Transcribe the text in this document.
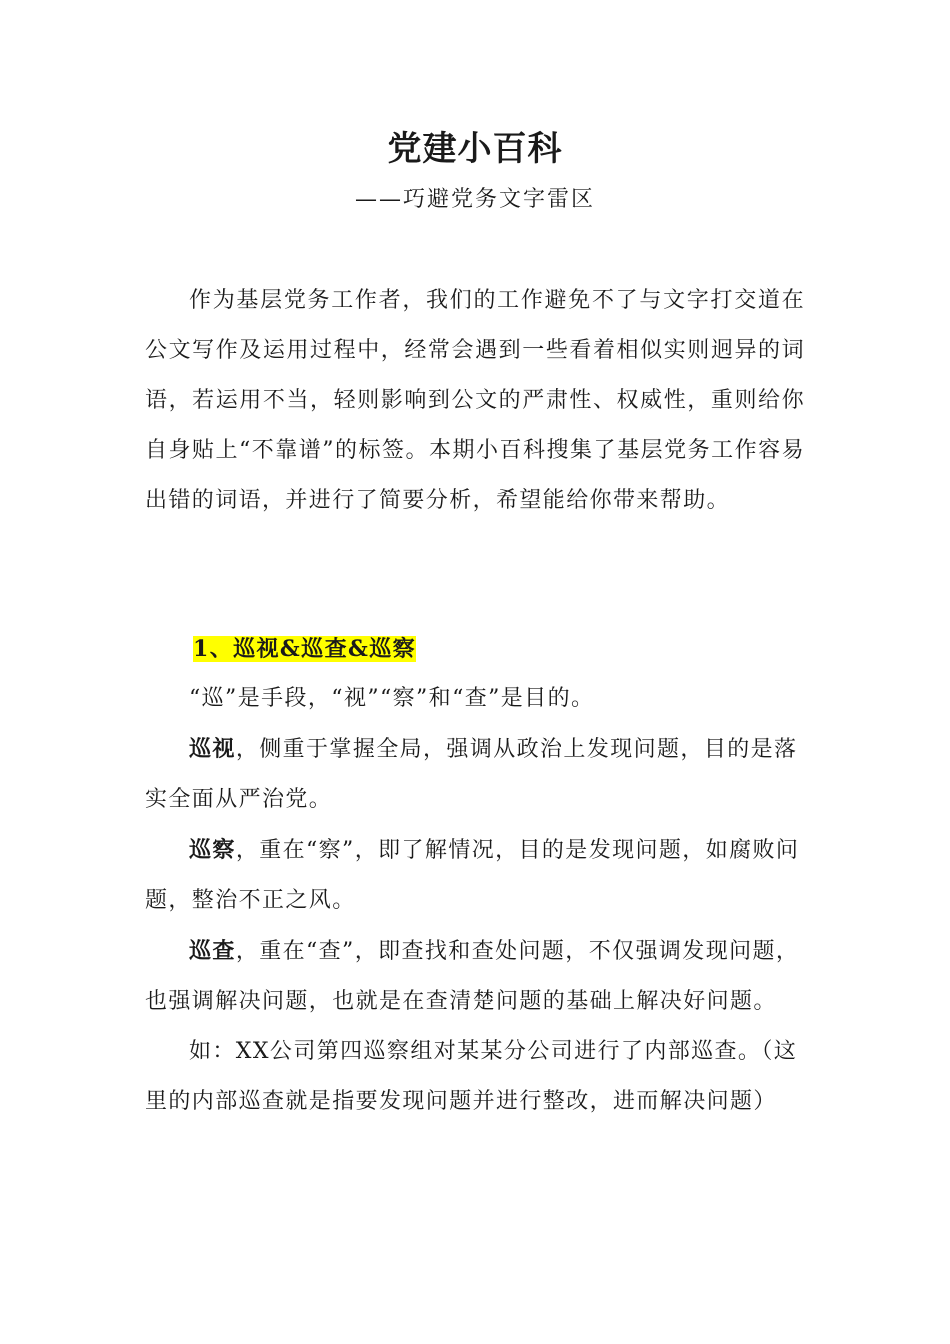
党建小百科
——巧避党务文字雷区

作为基层党务工作者，我们的工作避免不了与文字打交道在公文写作及运用过程中，经常会遇到一些看着相似实则迥异的词语，若运用不当，轻则影响到公文的严肃性、权威性，重则给你自身贴上“不靠谱”的标签。本期小百科搜集了基层党务工作容易出错的词语，并进行了简要分析，希望能给你带来帮助。

1、巡视&巡查&巡察

“巡”是手段，“视”“察”和“查”是目的。

巡视，侧重于掌握全局，强调从政治上发现问题，目的是落实全面从严治党。

巡察，重在“察”，即了解情况，目的是发现问题，如腐败问题，整治不正之风。

巡查，重在“查”，即查找和查处问题，不仅强调发现问题，也强调解决问题，也就是在查清楚问题的基础上解决好问题。

如：XX公司第四巡察组对某某分公司进行了内部巡查。（这里的内部巡查就是指要发现问题并进行整改，进而解决问题）
